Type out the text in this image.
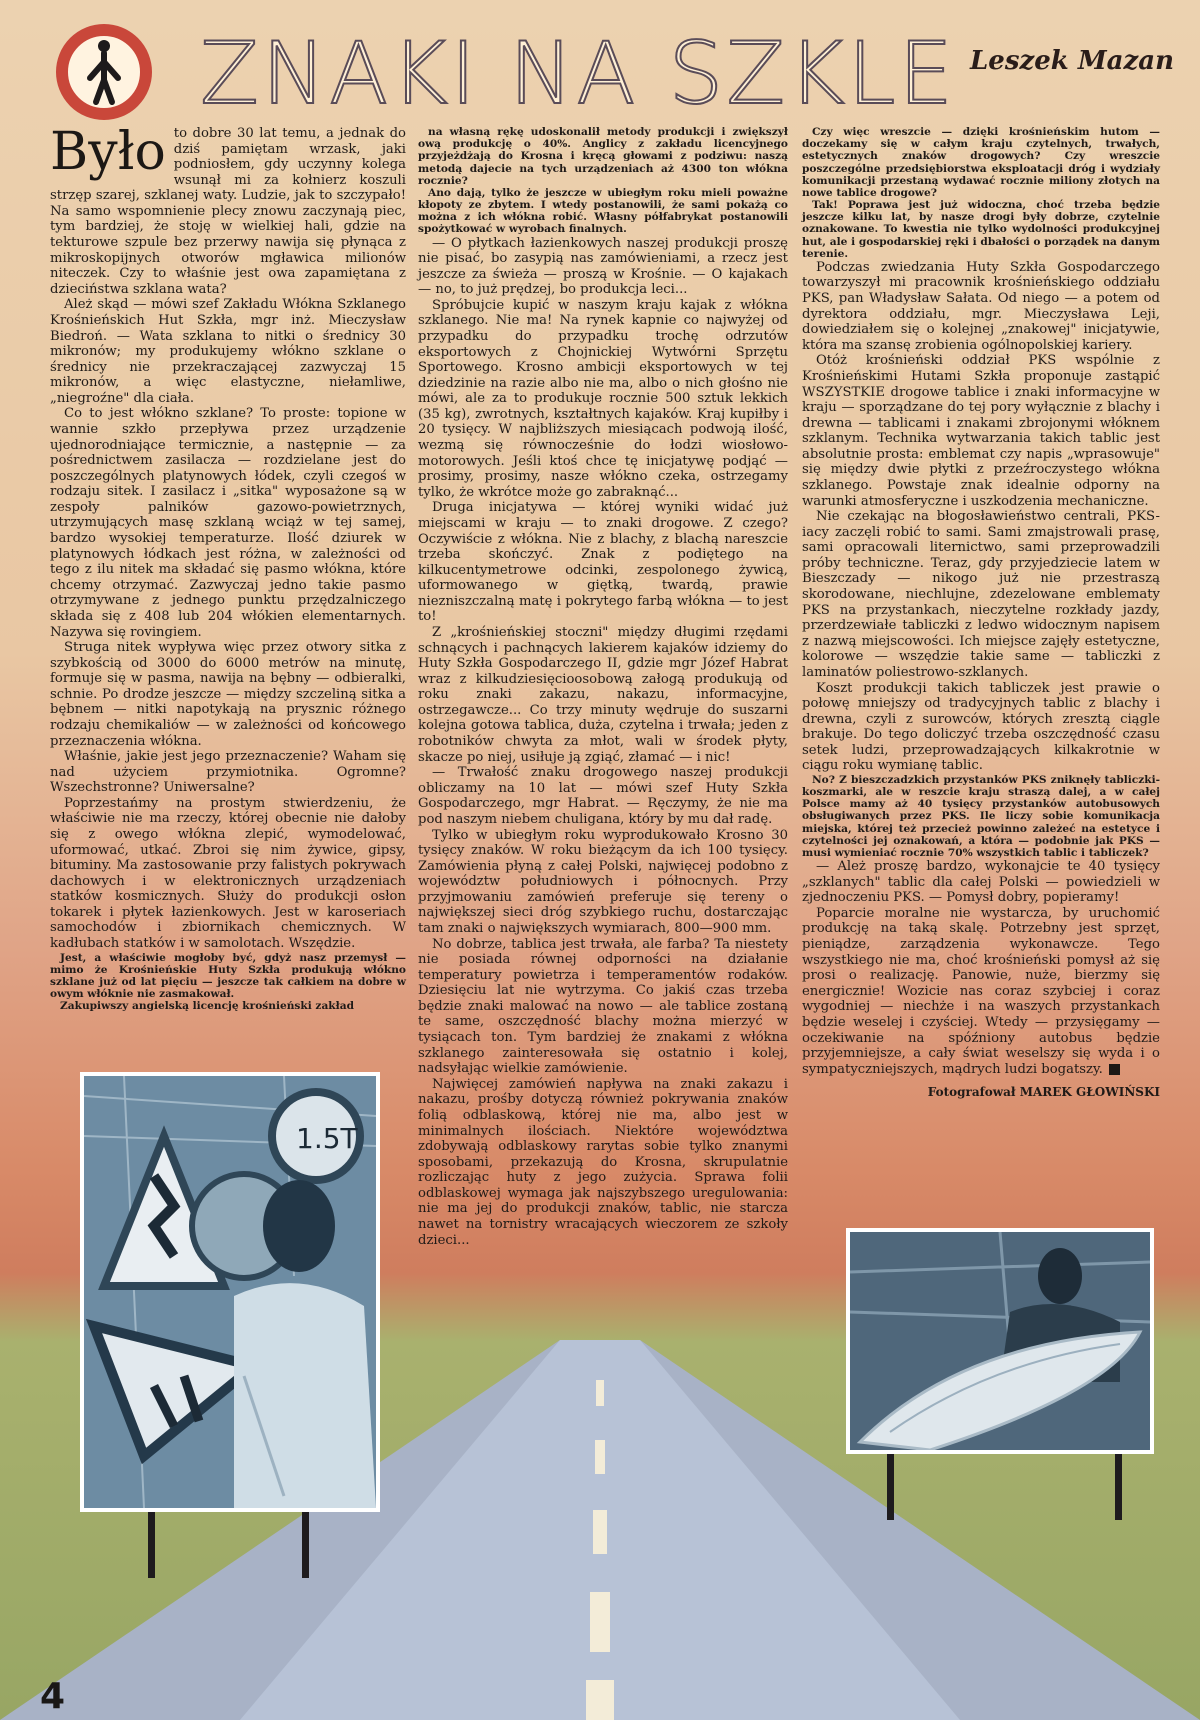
ZNAKI NA SZKLE Leszek Mazan

Było to dobre 30 lat temu, a jednak do dziś pamiętam wrzask, jaki podniosłem, gdy uczynny kolega wsunął mi za kołnierz koszuli strzęp szarej, szklanej waty. Ludzie, jak to szczypało! Na samo wspomnienie plecy znowu zaczynają piec, tym bardziej, że stoję w wielkiej hali, gdzie na tekturowe szpule bez przerwy nawija się płynąca z mikroskopijnych otworów mgławica milionów niteczek. Czy to właśnie jest owa zapamiętana z dzieciństwa szklana wata?

Ależ skąd — mówi szef Zakładu Włókna Szklanego Krośnieńskich Hut Szkła, mgr inż. Mieczysław Biedroń. — Wata szklana to nitki o średnicy 30 mikronów; my produkujemy włókno szklane o średnicy nie przekraczającej zazwyczaj 15 mikronów, a więc elastyczne, niełamliwe, „niegroźne" dla ciała.

Co to jest włókno szklane? To proste: topione w wannie szkło przepływa przez urządzenie ujednorodniające termicznie, a następnie — za pośrednictwem zasilacza — rozdzielane jest do poszczególnych platynowych łódek, czyli czegoś w rodzaju sitek. I zasilacz i „sitka" wyposażone są w zespoły palników gazowo-powietrznych, utrzymujących masę szklaną wciąż w tej samej, bardzo wysokiej temperaturze. Ilość dziurek w platynowych łódkach jest różna, w zależności od tego z ilu nitek ma składać się pasmo włókna, które chcemy otrzymać. Zazwyczaj jedno takie pasmo otrzymywane z jednego punktu przędzalniczego składa się z 408 lub 204 włókien elementarnych. Nazywa się rovingiem.

Struga nitek wypływa więc przez otwory sitka z szybkością od 3000 do 6000 metrów na minutę, formuje się w pasma, nawija na bębny — odbieralki, schnie. Po drodze jeszcze — między szczeliną sitka a bębnem — nitki napotykają na prysznic różnego rodzaju chemikaliów — w zależności od końcowego przeznaczenia włókna.

Właśnie, jakie jest jego przeznaczenie? Waham się nad użyciem przymiotnika. Ogromne? Wszechstronne? Uniwersalne?

Poprzestańmy na prostym stwierdzeniu, że właściwie nie ma rzeczy, której obecnie nie dałoby się z owego włókna zlepić, wymodelować, uformować, utkać. Zbroi się nim żywice, gipsy, bituminy. Ma zastosowanie przy falistych pokrywach dachowych i w elektronicznych urządzeniach statków kosmicznych. Służy do produkcji osłon tokarek i płytek łazienkowych. Jest w karoseriach samochodów i zbiornikach chemicznych. W kadłubach statków i w samolotach. Wszędzie.

Jest, a właściwie mogłoby być, gdyż nasz przemysł — mimo że Krośnieńskie Huty Szkła produkują włókno szklane już od lat pięciu — jeszcze tak całkiem na dobre w owym włóknie nie zasmakował.

Zakupiwszy angielską licencję krośnieński zakład

na własną rękę udoskonalił metody produkcji i zwiększył ową produkcję o 40%. Anglicy z zakładu licencyjnego przyjeżdżają do Krosna i kręcą głowami z podziwu: naszą metodą dajecie na tych urządzeniach aż 4300 ton włókna rocznie?

Ano dają, tylko że jeszcze w ubiegłym roku mieli poważne kłopoty ze zbytem. I wtedy postanowili, że sami pokażą co można z ich włókna robić. Własny półfabrykat postanowili spożytkować w wyrobach finalnych.

— O płytkach łazienkowych naszej produkcji proszę nie pisać, bo zasypią nas zamówieniami, a rzecz jest jeszcze za świeża — proszą w Krośnie. — O kajakach — no, to już prędzej, bo produkcja leci...

Spróbujcie kupić w naszym kraju kajak z włókna szklanego. Nie ma! Na rynek kapnie co najwyżej od przypadku do przypadku trochę odrzutów eksportowych z Chojnickiej Wytwórni Sprzętu Sportowego. Krosno ambicji eksportowych w tej dziedzinie na razie albo nie ma, albo o nich głośno nie mówi, ale za to produkuje rocznie 500 sztuk lekkich (35 kg), zwrotnych, kształtnych kajaków. Kraj kupiłby i 20 tysięcy. W najbliższych miesiącach podwoją ilość, wezmą się równocześnie do łodzi wiosłowo-motorowych. Jeśli ktoś chce tę inicjatywę podjąć — prosimy, prosimy, nasze włókno czeka, ostrzegamy tylko, że wkrótce może go zabraknąć...

Druga inicjatywa — której wyniki widać już miejscami w kraju — to znaki drogowe. Z czego? Oczywiście z włókna. Nie z blachy, z blachą nareszcie trzeba skończyć. Znak z podiętego na kilkucentymetrowe odcinki, zespolonego żywicą, uformowanego w giętką, twardą, prawie niezniszczalną matę i pokrytego farbą włókna — to jest to!

Z „krośnieńskiej stoczni" między długimi rzędami schnących i pachnących lakierem kajaków idziemy do Huty Szkła Gospodarczego II, gdzie mgr Józef Habrat wraz z kilkudziesięcioosobową załogą produkują od roku znaki zakazu, nakazu, informacyjne, ostrzegawcze... Co trzy minuty wędruje do suszarni kolejna gotowa tablica, duża, czytelna i trwała; jeden z robotników chwyta za młot, wali w środek płyty, skacze po niej, usiłuje ją zgiąć, złamać — i nic!

— Trwałość znaku drogowego naszej produkcji obliczamy na 10 lat — mówi szef Huty Szkła Gospodarczego, mgr Habrat. — Ręczymy, że nie ma pod naszym niebem chuligana, który by mu dał radę.

Tylko w ubiegłym roku wyprodukowało Krosno 30 tysięcy znaków. W roku bieżącym da ich 100 tysięcy. Zamówienia płyną z całej Polski, najwięcej podobno z województw południowych i północnych. Przy przyjmowaniu zamówień preferuje się tereny o największej sieci dróg szybkiego ruchu, dostarczając tam znaki o największych wymiarach, 800—900 mm.

No dobrze, tablica jest trwała, ale farba? Ta niestety nie posiada równej odporności na działanie temperatury powietrza i temperamentów rodaków. Dziesięciu lat nie wytrzyma. Co jakiś czas trzeba będzie znaki malować na nowo — ale tablice zostaną te same, oszczędność blachy można mierzyć w tysiącach ton. Tym bardziej że znakami z włókna szklanego zainteresowała się ostatnio i kolej, nadsyłając wielkie zamówienie.

Najwięcej zamówień napływa na znaki zakazu i nakazu, prośby dotyczą również pokrywania znaków folią odblaskową, której nie ma, albo jest w minimalnych ilościach. Niektóre województwa zdobywają odblaskowy rarytas sobie tylko znanymi sposobami, przekazują do Krosna, skrupulatnie rozliczając huty z jego zużycia. Sprawa folii odblaskowej wymaga jak najszybszego uregulowania: nie ma jej do produkcji znaków, tablic, nie starcza nawet na tornistry wracających wieczorem ze szkoły dzieci...

Czy więc wreszcie — dzięki krośnieńskim hutom — doczekamy się w całym kraju czytelnych, trwałych, estetycznych znaków drogowych? Czy wreszcie poszczególne przedsiębiorstwa eksploatacji dróg i wydziały komunikacji przestaną wydawać rocznie miliony złotych na nowe tablice drogowe?

Tak! Poprawa jest już widoczna, choć trzeba będzie jeszcze kilku lat, by nasze drogi były dobrze, czytelnie oznakowane. To kwestia nie tylko wydolności produkcyjnej hut, ale i gospodarskiej ręki i dbałości o porządek na danym terenie.

Podczas zwiedzania Huty Szkła Gospodarczego towarzyszył mi pracownik krośnieńskiego oddziału PKS, pan Władysław Sałata. Od niego — a potem od dyrektora oddziału, mgr. Mieczysława Leji, dowiedziałem się o kolejnej „znakowej" inicjatywie, która ma szansę zrobienia ogólnopolskiej kariery.

Otóż krośnieński oddział PKS wspólnie z Krośnieńskimi Hutami Szkła proponuje zastąpić WSZYSTKIE drogowe tablice i znaki informacyjne w kraju — sporządzane do tej pory wyłącznie z blachy i drewna — tablicami i znakami zbrojonymi włóknem szklanym. Technika wytwarzania takich tablic jest absolutnie prosta: emblemat czy napis „wprasowuje" się między dwie płytki z przeźroczystego włókna szklanego. Powstaje znak idealnie odporny na warunki atmosferyczne i uszkodzenia mechaniczne.

Nie czekając na błogosławieństwo centrali, PKS-iacy zaczęli robić to sami. Sami zmajstrowali prasę, sami opracowali liternictwo, sami przeprowadzili próby techniczne. Teraz, gdy przyjedziecie latem w Bieszczady — nikogo już nie przestraszą skorodowane, niechlujne, zdezelowane emblematy PKS na przystankach, nieczytelne rozkłady jazdy, przerdzewiałe tabliczki z ledwo widocznym napisem z nazwą miejscowości. Ich miejsce zajęły estetyczne, kolorowe — wszędzie takie same — tabliczki z laminatów poliestrowo-szklanych.

Koszt produkcji takich tabliczek jest prawie o połowę mniejszy od tradycyjnych tablic z blachy i drewna, czyli z surowców, których zresztą ciągle brakuje. Do tego doliczyć trzeba oszczędność czasu setek ludzi, przeprowadzających kilkakrotnie w ciągu roku wymianę tablic.

No? Z bieszczadzkich przystanków PKS zniknęły tabliczki-koszmarki, ale w reszcie kraju straszą dalej, a w całej Polsce mamy aż 40 tysięcy przystanków autobusowych obsługiwanych przez PKS. Ile liczy sobie komunikacja miejska, której też przecież powinno zależeć na estetyce i czytelności jej oznakowań, a która — podobnie jak PKS — musi wymieniać rocznie 70% wszystkich tablic i tabliczek?

— Ależ proszę bardzo, wykonajcie te 40 tysięcy „szklanych" tablic dla całej Polski — powiedzieli w zjednoczeniu PKS. — Pomysł dobry, popieramy!

Poparcie moralne nie wystarcza, by uruchomić produkcję na taką skalę. Potrzebny jest sprzęt, pieniądze, zarządzenia wykonawcze. Tego wszystkiego nie ma, choć krośnieński pomysł aż się prosi o realizację. Panowie, nuże, bierzmy się energicznie! Wozicie nas coraz szybciej i coraz wygodniej — niechże i na waszych przystankach będzie weselej i czyściej. Wtedy — przysięgamy — oczekiwanie na spóźniony autobus będzie przyjemniejsze, a cały świat weselszy się wyda i o sympatyczniejszych, mądrych ludzi bogatszy.

Fotografował MAREK GŁOWIŃSKI

1.5T
4
